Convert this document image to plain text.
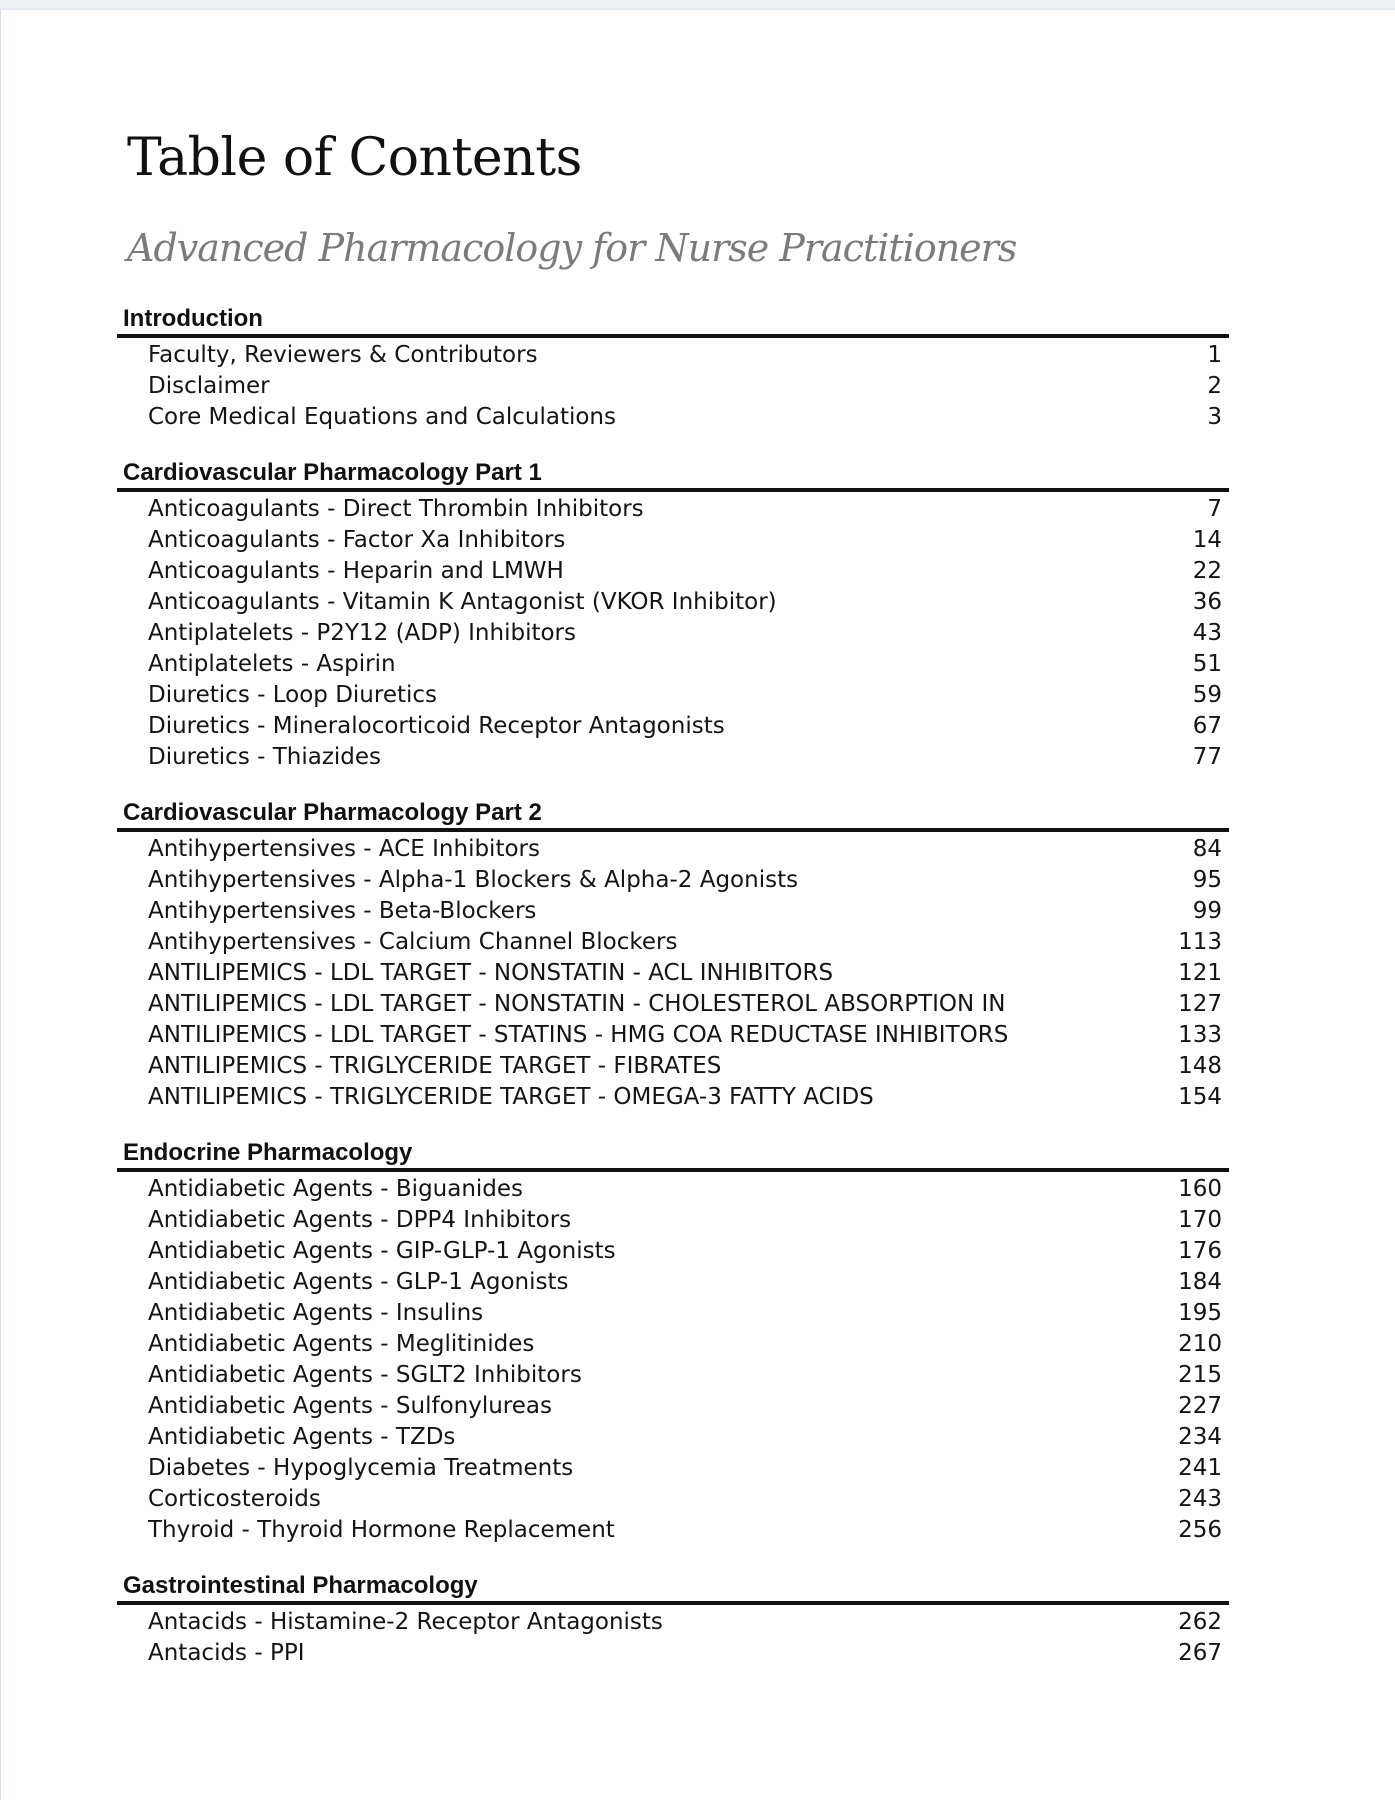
Table of Contents
Advanced Pharmacology for Nurse Practitioners
Introduction
Faculty, Reviewers & Contributors	1
Disclaimer	2
Core Medical Equations and Calculations	3
Cardiovascular Pharmacology Part 1
Anticoagulants - Direct Thrombin Inhibitors	7
Anticoagulants - Factor Xa Inhibitors	14
Anticoagulants - Heparin and LMWH	22
Anticoagulants - Vitamin K Antagonist (VKOR Inhibitor)	36
Antiplatelets - P2Y12 (ADP) Inhibitors	43
Antiplatelets - Aspirin	51
Diuretics - Loop Diuretics	59
Diuretics - Mineralocorticoid Receptor Antagonists	67
Diuretics - Thiazides	77
Cardiovascular Pharmacology Part 2
Antihypertensives - ACE Inhibitors	84
Antihypertensives - Alpha-1 Blockers & Alpha-2 Agonists	95
Antihypertensives - Beta-Blockers	99
Antihypertensives - Calcium Channel Blockers	113
ANTILIPEMICS - LDL TARGET - NONSTATIN - ACL INHIBITORS	121
ANTILIPEMICS - LDL TARGET - NONSTATIN - CHOLESTEROL ABSORPTION IN	127
ANTILIPEMICS - LDL TARGET - STATINS - HMG COA REDUCTASE INHIBITORS	133
ANTILIPEMICS - TRIGLYCERIDE TARGET - FIBRATES	148
ANTILIPEMICS - TRIGLYCERIDE TARGET - OMEGA-3 FATTY ACIDS	154
Endocrine Pharmacology
Antidiabetic Agents - Biguanides	160
Antidiabetic Agents - DPP4 Inhibitors	170
Antidiabetic Agents - GIP-GLP-1 Agonists	176
Antidiabetic Agents - GLP-1 Agonists	184
Antidiabetic Agents - Insulins	195
Antidiabetic Agents - Meglitinides	210
Antidiabetic Agents - SGLT2 Inhibitors	215
Antidiabetic Agents - Sulfonylureas	227
Antidiabetic Agents - TZDs	234
Diabetes - Hypoglycemia Treatments	241
Corticosteroids	243
Thyroid - Thyroid Hormone Replacement	256
Gastrointestinal Pharmacology
Antacids - Histamine-2 Receptor Antagonists	262
Antacids - PPI	267
